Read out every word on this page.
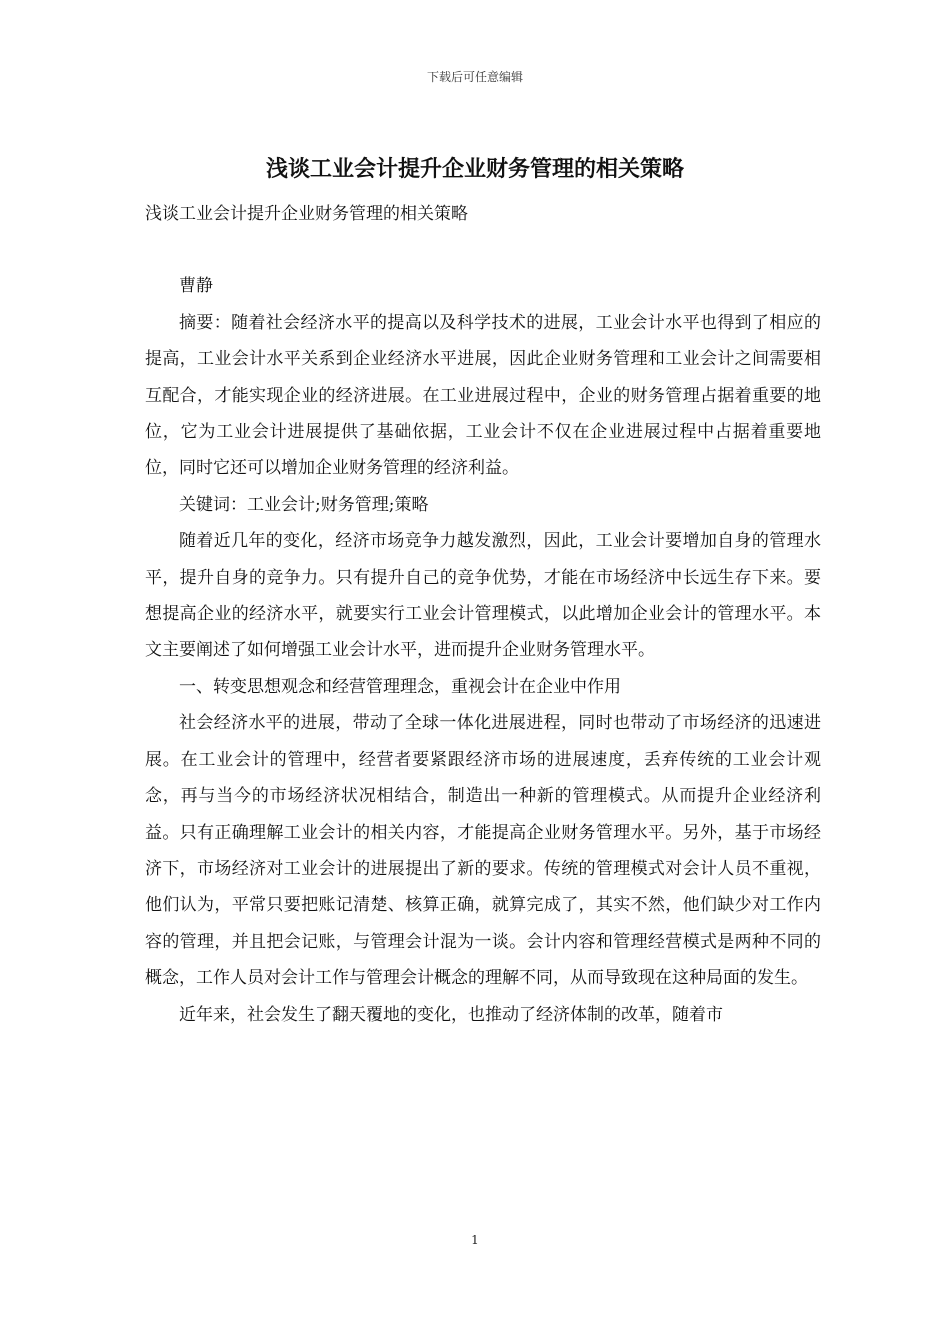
下载后可任意编辑
浅谈工业会计提升企业财务管理的相关策略

浅谈工业会计提升企业财务管理的相关策略

曹静

摘要：随着社会经济水平的提高以及科学技术的进展，工业会计水平也得到了相应的提高，工业会计水平关系到企业经济水平进展，因此企业财务管理和工业会计之间需要相互配合，才能实现企业的经济进展。在工业进展过程中，企业的财务管理占据着重要的地位，它为工业会计进展提供了基础依据，工业会计不仅在企业进展过程中占据着重要地位，同时它还可以增加企业财务管理的经济利益。

关键词：工业会计;财务管理;策略

随着近几年的变化，经济市场竞争力越发激烈，因此，工业会计要增加自身的管理水平，提升自身的竞争力。只有提升自己的竞争优势，才能在市场经济中长远生存下来。要想提高企业的经济水平，就要实行工业会计管理模式，以此增加企业会计的管理水平。本文主要阐述了如何增强工业会计水平，进而提升企业财务管理水平。

一、转变思想观念和经营管理理念，重视会计在企业中作用

社会经济水平的进展，带动了全球一体化进展进程，同时也带动了市场经济的迅速进展。在工业会计的管理中，经营者要紧跟经济市场的进展速度，丢弃传统的工业会计观念，再与当今的市场经济状况相结合，制造出一种新的管理模式。从而提升企业经济利益。只有正确理解工业会计的相关内容，才能提高企业财务管理水平。另外，基于市场经济下，市场经济对工业会计的进展提出了新的要求。传统的管理模式对会计人员不重视，他们认为，平常只要把账记清楚、核算正确，就算完成了，其实不然，他们缺少对工作内容的管理，并且把会记账，与管理会计混为一谈。会计内容和管理经营模式是两种不同的概念，工作人员对会计工作与管理会计概念的理解不同，从而导致现在这种局面的发生。

近年来，社会发生了翻天覆地的变化，也推动了经济体制的改革，随着市

1
